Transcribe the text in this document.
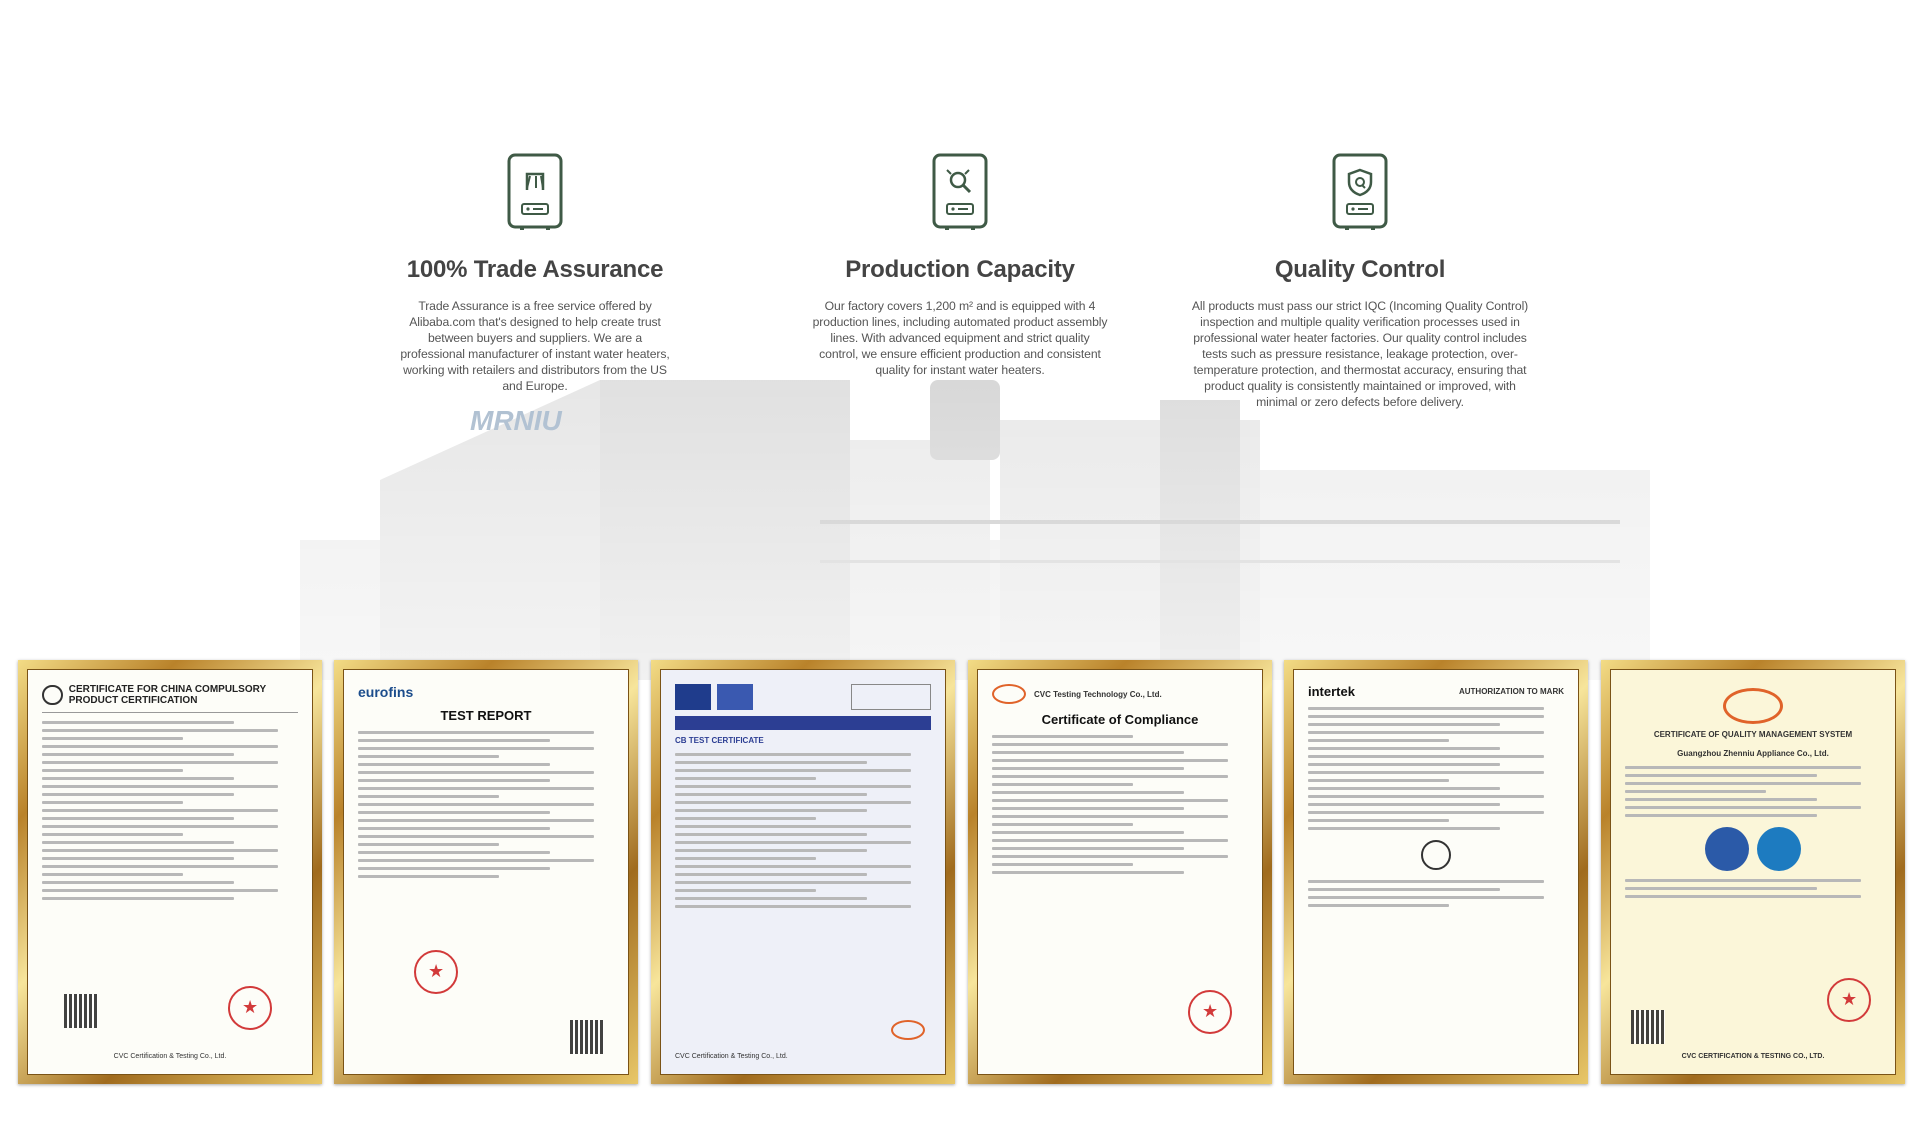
100% Trade Assurance

Trade Assurance is a free service offered by Alibaba.com that's designed to help create trust between buyers and suppliers. We are a professional manufacturer of instant water heaters, working with retailers and distributors from the US and Europe.

Production Capacity

Our factory covers 1,200 m² and is equipped with 4 production lines, including automated product assembly lines. With advanced equipment and strict quality control, we ensure efficient production and consistent quality for instant water heaters.

Quality Control

All products must pass our strict IQC (Incoming Quality Control) inspection and multiple quality verification processes used in professional water heater factories. Our quality control includes tests such as pressure resistance, leakage protection, over-temperature protection, and thermostat accuracy, ensuring that product quality is consistently maintained or improved, with minimal or zero defects before delivery.

CERTIFICATE FOR CHINA COMPULSORY PRODUCT CERTIFICATION
★
CVC Certification & Testing Co., Ltd.
eurofins
TEST REPORT
★
CB TEST CERTIFICATE
CVC Certification & Testing Co., Ltd.
CVC Testing Technology Co., Ltd.
Certificate of Compliance
★
intertek	AUTHORIZATION TO MARK
CERTIFICATE OF QUALITY MANAGEMENT SYSTEM
Guangzhou Zhenniu Appliance Co., Ltd.
★
CVC CERTIFICATION & TESTING CO., LTD.
